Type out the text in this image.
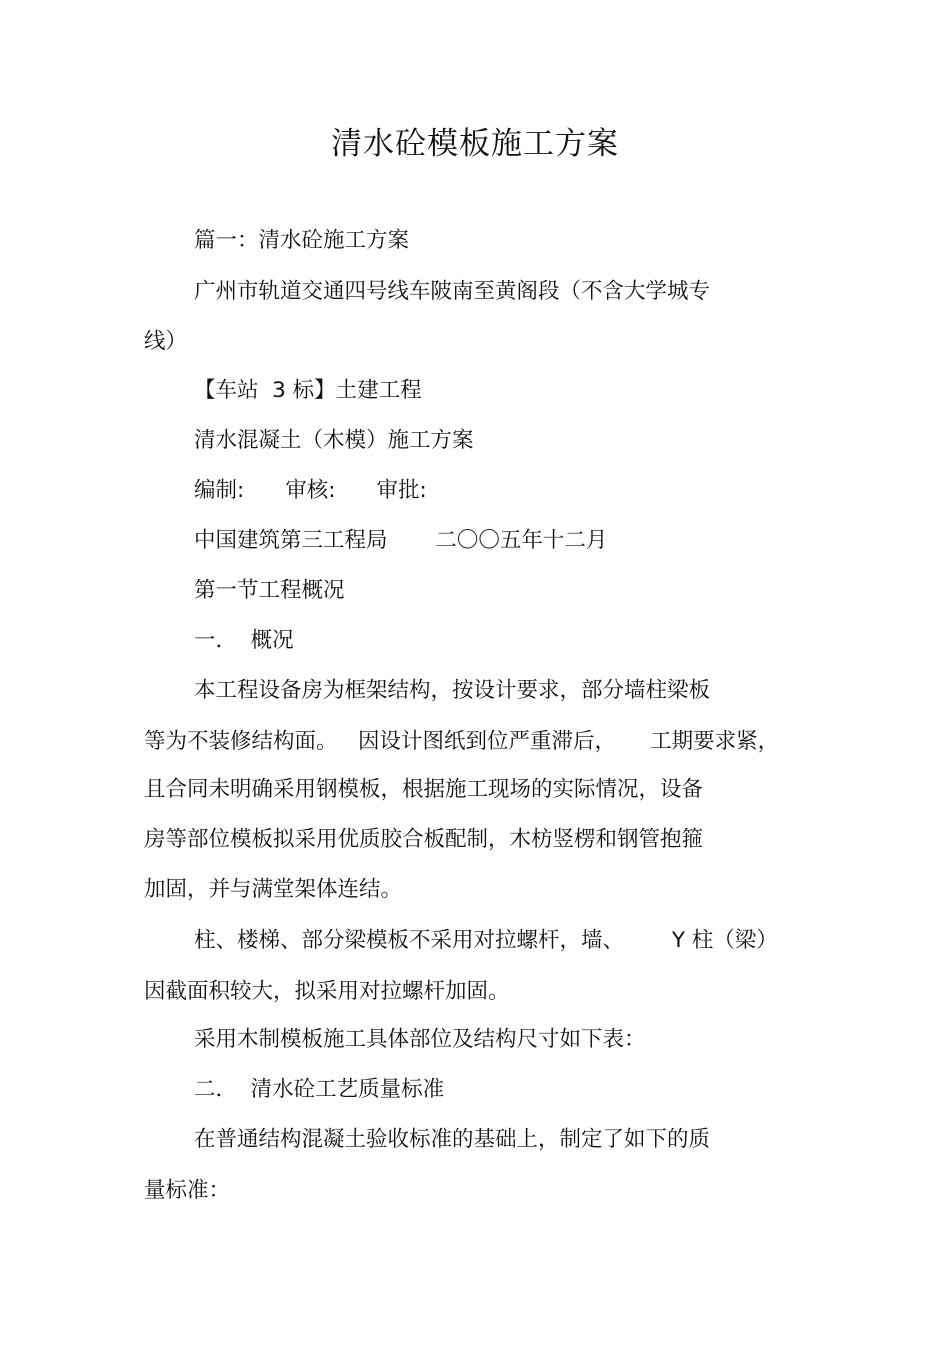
清水砼模板施工方案
篇一：清水砼施工方案
广州市轨道交通四号线车陂南至黄阁段（不含大学城专
线）
【车站  3 标】土建工程
清水混凝土（木模）施工方案
编制:      审核:      审批:
中国建筑第三工程局       二〇〇五年十二月
第一节工程概况
一．  概况
本工程设备房为框架结构，按设计要求，部分墙柱梁板
等为不装修结构面。   因设计图纸到位严重滞后，     工期要求紧，
且合同未明确采用钢模板，根据施工现场的实际情况，设备
房等部位模板拟采用优质胶合板配制，木枋竖楞和钢管抱箍
加固，并与满堂架体连结。
柱、楼梯、部分梁模板不采用对拉螺杆，墙、       Y 柱（梁）
因截面积较大，拟采用对拉螺杆加固。
采用木制模板施工具体部位及结构尺寸如下表：
二．  清水砼工艺质量标准
在普通结构混凝土验收标准的基础上，制定了如下的质
量标准：
